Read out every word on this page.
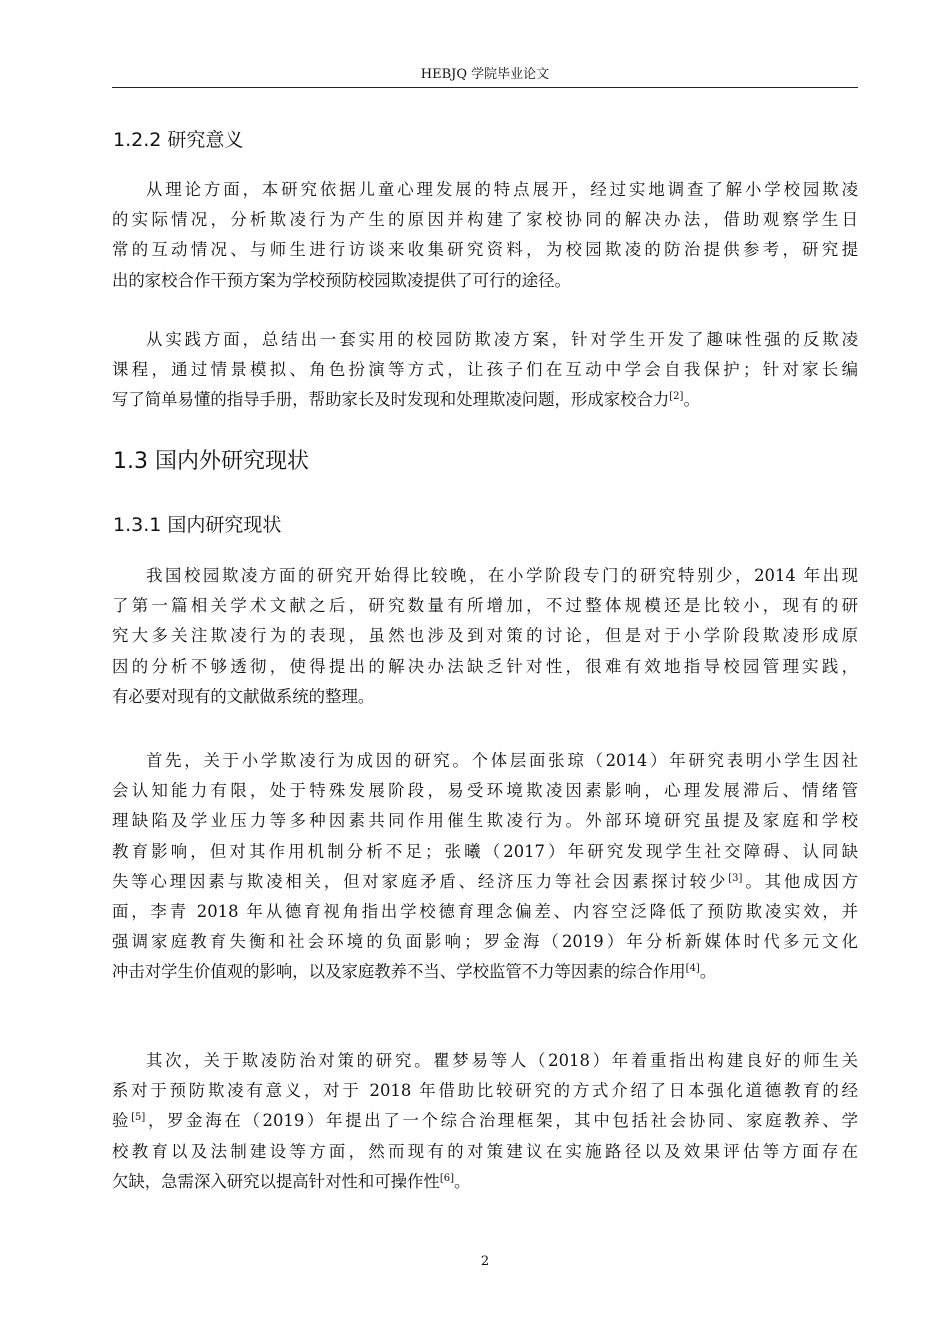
HEBJQ 学院毕业论文
1.2.2 研究意义
从理论方面，本研究依据儿童心理发展的特点展开，经过实地调查了解小学校园欺凌
的实际情况，分析欺凌行为产生的原因并构建了家校协同的解决办法，借助观察学生日
常的互动情况、与师生进行访谈来收集研究资料，为校园欺凌的防治提供参考，研究提
出的家校合作干预方案为学校预防校园欺凌提供了可行的途径。
从实践方面，总结出一套实用的校园防欺凌方案，针对学生开发了趣味性强的反欺凌
课程，通过情景模拟、角色扮演等方式，让孩子们在互动中学会自我保护；针对家长编
写了简单易懂的指导手册，帮助家长及时发现和处理欺凌问题，形成家校合力[2]。
1.3 国内外研究现状
1.3.1 国内研究现状
我国校园欺凌方面的研究开始得比较晚，在小学阶段专门的研究特别少，2014 年出现
了第一篇相关学术文献之后，研究数量有所增加，不过整体规模还是比较小，现有的研
究大多关注欺凌行为的表现，虽然也涉及到对策的讨论，但是对于小学阶段欺凌形成原
因的分析不够透彻，使得提出的解决办法缺乏针对性，很难有效地指导校园管理实践，
有必要对现有的文献做系统的整理。
首先，关于小学欺凌行为成因的研究。个体层面张琼（2014）年研究表明小学生因社
会认知能力有限，处于特殊发展阶段，易受环境欺凌因素影响，心理发展滞后、情绪管
理缺陷及学业压力等多种因素共同作用催生欺凌行为。外部环境研究虽提及家庭和学校
教育影响，但对其作用机制分析不足；张曦（2017）年研究发现学生社交障碍、认同缺
失等心理因素与欺凌相关，但对家庭矛盾、经济压力等社会因素探讨较少[3]。其他成因方
面，李青 2018 年从德育视角指出学校德育理念偏差、内容空泛降低了预防欺凌实效，并
强调家庭教育失衡和社会环境的负面影响；罗金海（2019）年分析新媒体时代多元文化
冲击对学生价值观的影响，以及家庭教养不当、学校监管不力等因素的综合作用[4]。
其次，关于欺凌防治对策的研究。瞿梦易等人（2018）年着重指出构建良好的师生关
系对于预防欺凌有意义，对于 2018 年借助比较研究的方式介绍了日本强化道德教育的经
验[5]，罗金海在（2019）年提出了一个综合治理框架，其中包括社会协同、家庭教养、学
校教育以及法制建设等方面，然而现有的对策建议在实施路径以及效果评估等方面存在
欠缺，急需深入研究以提高针对性和可操作性[6]。
2
